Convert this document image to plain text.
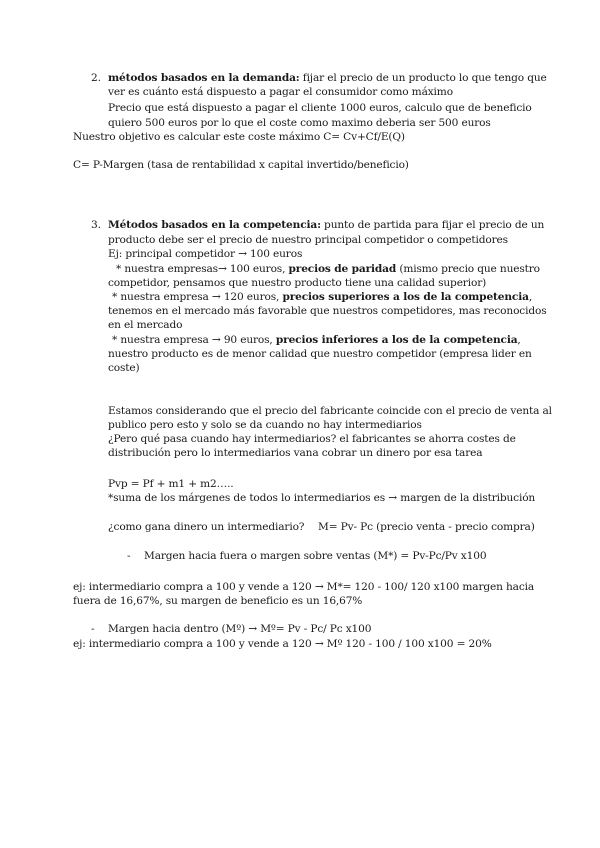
2. métodos basados en la demanda: fijar el precio de un producto lo que tengo que
ver es cuánto está dispuesto a pagar el consumidor como máximo
Precio que está dispuesto a pagar el cliente 1000 euros, calculo que de beneficio
quiero 500 euros por lo que el coste como maximo deberia ser 500 euros
Nuestro objetivo es calcular este coste máximo C= Cv+Cf/E(Q)
C= P-Margen (tasa de rentabilidad x capital invertido/beneficio)
3. Métodos basados en la competencia: punto de partida para fijar el precio de un
producto debe ser el precio de nuestro principal competidor o competidores
Ej: principal competidor → 100 euros
* nuestra empresas→ 100 euros, precios de paridad (mismo precio que nuestro
competidor, pensamos que nuestro producto tiene una calidad superior)
* nuestra empresa → 120 euros, precios superiores a los de la competencia,
tenemos en el mercado más favorable que nuestros competidores, mas reconocidos
en el mercado
* nuestra empresa → 90 euros, precios inferiores a los de la competencia,
nuestro producto es de menor calidad que nuestro competidor (empresa lider en
coste)
Estamos considerando que el precio del fabricante coincide con el precio de venta al
publico pero esto y solo se da cuando no hay intermediarios
¿Pero qué pasa cuando hay intermediarios? el fabricantes se ahorra costes de
distribución pero lo intermediarios vana cobrar un dinero por esa tarea
Pvp = Pf + m1 + m2…..
*suma de los márgenes de todos lo intermediarios es → margen de la distribución
¿como gana dinero un intermediario? M= Pv- Pc (precio venta - precio compra)
- Margen hacia fuera o margen sobre ventas (M*) = Pv-Pc/Pv x100
ej: intermediario compra a 100 y vende a 120 → M*= 120 - 100/ 120 x100 margen hacia
fuera de 16,67%, su margen de beneficio es un 16,67%
- Margen hacia dentro (Mº) → Mº= Pv - Pc/ Pc x100
ej: intermediario compra a 100 y vende a 120 → Mº 120 - 100 / 100 x100 = 20%
